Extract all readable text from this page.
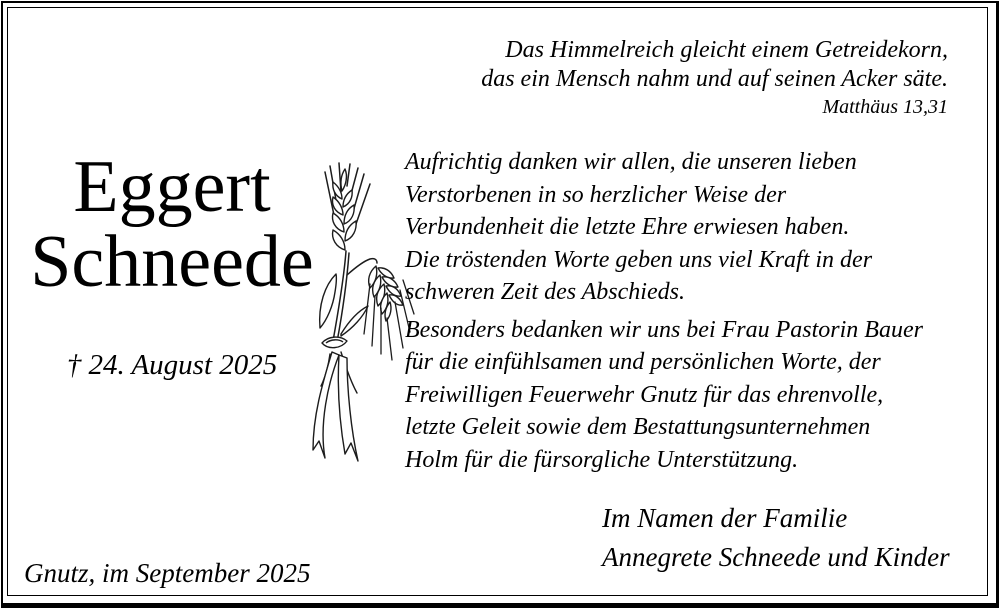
Das Himmelreich gleicht einem Getreidekorn,
das ein Mensch nahm und auf seinen Acker säte.
Matthäus 13,31
Eggert
Schneede
† 24. August 2025
Aufrichtig danken wir allen, die unseren lieben
Verstorbenen in so herzlicher Weise der
Verbundenheit die letzte Ehre erwiesen haben.
Die tröstenden Worte geben uns viel Kraft in der
schweren Zeit des Abschieds.
Besonders bedanken wir uns bei Frau Pastorin Bauer
für die einfühlsamen und persönlichen Worte, der
Freiwilligen Feuerwehr Gnutz für das ehrenvolle,
letzte Geleit sowie dem Bestattungsunternehmen
Holm für die fürsorgliche Unterstützung.
Im Namen der Familie
Annegrete Schneede und Kinder
Gnutz, im September 2025
